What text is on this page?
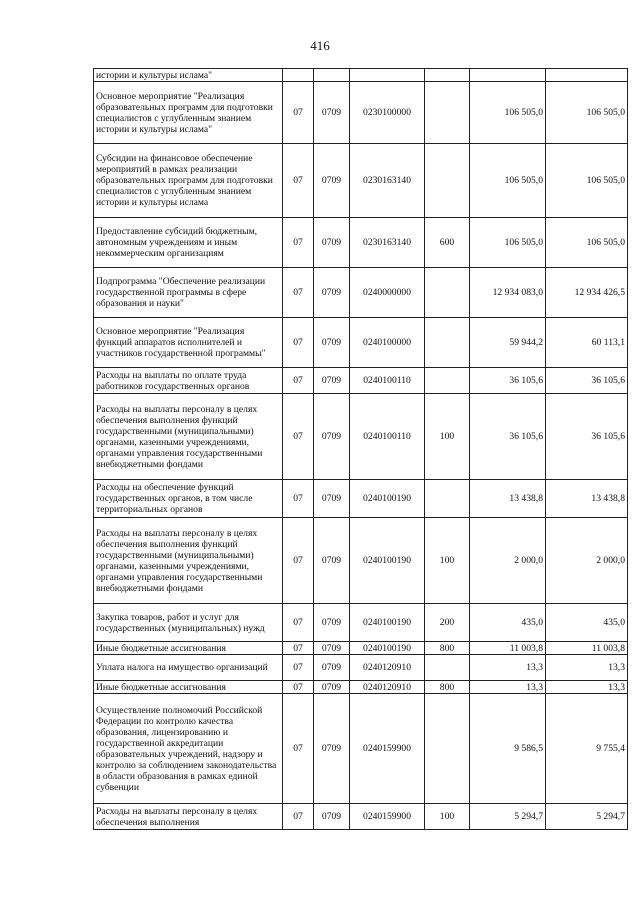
416
истории и культуры ислама"						
Основное мероприятие "Реализация образовательных программ для подготовки специалистов с углубленным знанием истории и культуры ислама"	07	0709	0230100000		106 505,0	106 505,0
Субсидии на финансовое обеспечение мероприятий в рамках реализации образовательных программ для подготовки специалистов с углубленным знанием истории и культуры ислама	07	0709	0230163140		106 505,0	106 505,0
Предоставление субсидий бюджетным, автономным учреждениям и иным некоммерческим организациям	07	0709	0230163140	600	106 505,0	106 505,0
Подпрограмма "Обеспечение реализации государственной программы в сфере образования и науки"	07	0709	0240000000		12 934 083,0	12 934 426,5
Основное мероприятие "Реализация функций аппаратов исполнителей и участников государственной программы"	07	0709	0240100000		59 944,2	60 113,1
Расходы на выплаты по оплате труда работников государственных органов	07	0709	0240100110		36 105,6	36 105,6
Расходы на выплаты персоналу в целях обеспечения выполнения функций государственными (муниципальными) органами, казенными учреждениями, органами управления государственными внебюджетными фондами	07	0709	0240100110	100	36 105,6	36 105,6
Расходы на обеспечение функций государственных органов, в том числе территориальных органов	07	0709	0240100190		13 438,8	13 438,8
Расходы на выплаты персоналу в целях обеспечения выполнения функций государственными (муниципальными) органами, казенными учреждениями, органами управления государственными внебюджетными фондами	07	0709	0240100190	100	2 000,0	2 000,0
Закупка товаров, работ и услуг для государственных (муниципальных) нужд	07	0709	0240100190	200	435,0	435,0
Иные бюджетные ассигнования	07	0709	0240100190	800	11 003,8	11 003,8
Уплата налога на имущество организаций	07	0709	0240120910		13,3	13,3
Иные бюджетные ассигнования	07	0709	0240120910	800	13,3	13,3
Осуществление полномочий Российской Федерации по контролю качества образования, лицензированию и государственной аккредитации образовательных учреждений, надзору и контролю за соблюдением законодательства в области образования в рамках единой субвенции	07	0709	0240159900		9 586,5	9 755,4
Расходы на выплаты персоналу в целях обеспечения выполнения	07	0709	0240159900	100	5 294,7	5 294,7
